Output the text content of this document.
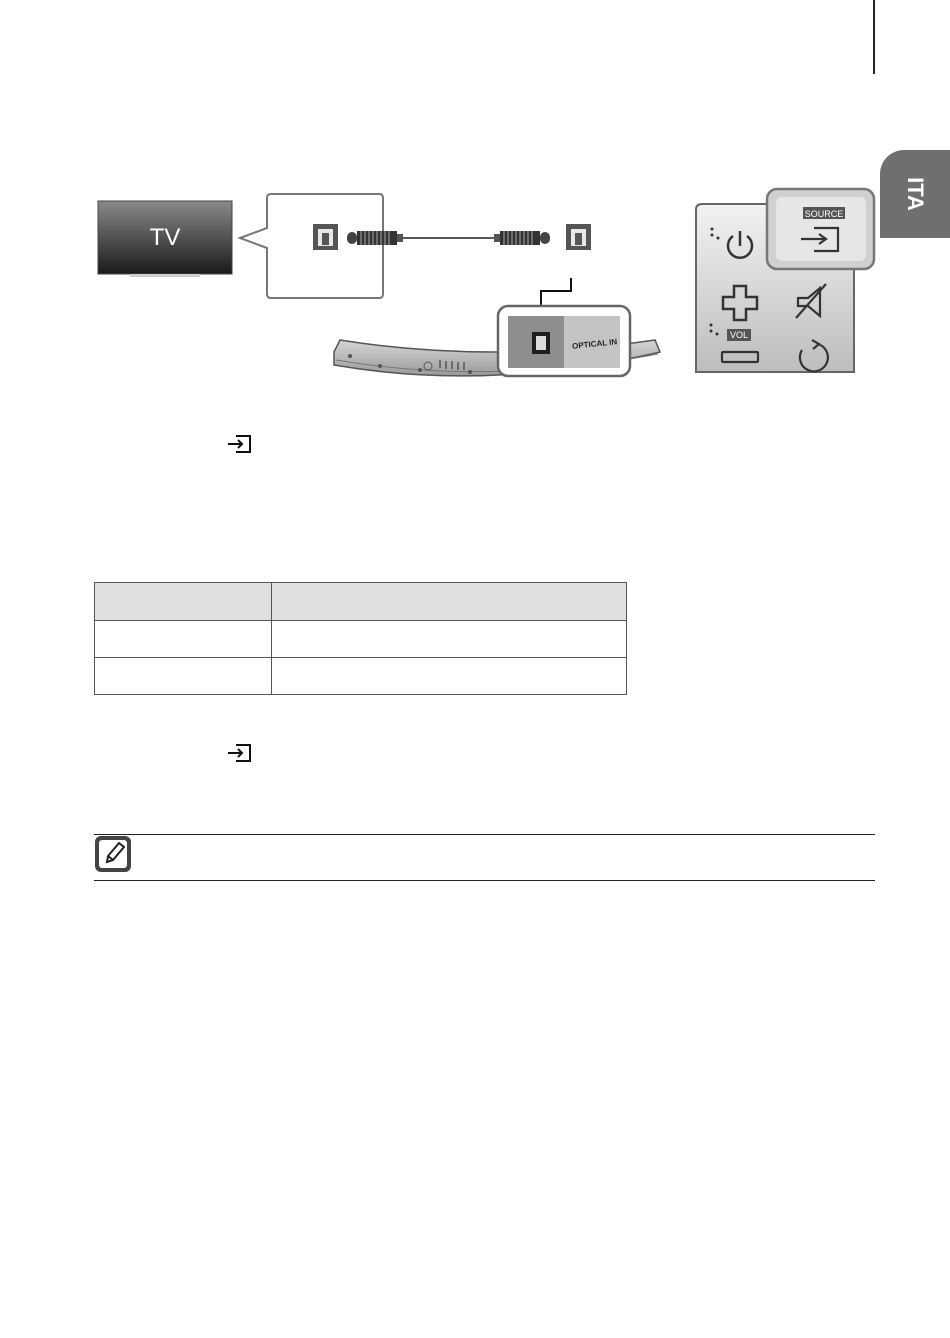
ITA
TV
OPTICAL IN
VOL
SOURCE
